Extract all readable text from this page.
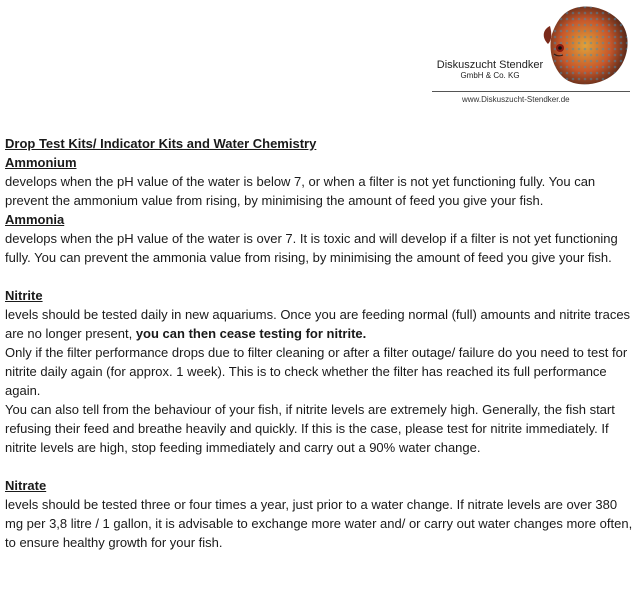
Diskuszucht Stendker
GmbH & Co. KG
www.Diskuszucht-Stendker.de

Drop Test Kits/ Indicator Kits and Water Chemistry

Ammonium

develops when the pH value of the water is below 7, or when a filter is not yet functioning fully. You can prevent the ammonium value from rising, by minimising the amount of feed you give your fish.

Ammonia

develops when the pH value of the water is over 7. It is toxic and will develop if a filter is not yet functioning fully. You can prevent the ammonia value from rising, by minimising the amount of feed you give your fish.

Nitrite

levels should be tested daily in new aquariums. Once you are feeding normal (full) amounts and nitrite traces are no longer present, you can then cease testing for nitrite.

Only if the filter performance drops due to filter cleaning or after a filter outage/ failure do you need to test for nitrite daily again (for approx. 1 week). This is to check whether the filter has reached its full performance again.

You can also tell from the behaviour of your fish, if nitrite levels are extremely high. Generally, the fish start refusing their feed and breathe heavily and quickly. If this is the case, please test for nitrite immediately. If nitrite levels are high, stop feeding immediately and carry out a 90% water change.

Nitrate

levels should be tested three or four times a year, just prior to a water change. If nitrate levels are over 380 mg per 3,8 litre / 1 gallon, it is advisable to exchange more water and/ or carry out water changes more often, to ensure healthy growth for your fish.
